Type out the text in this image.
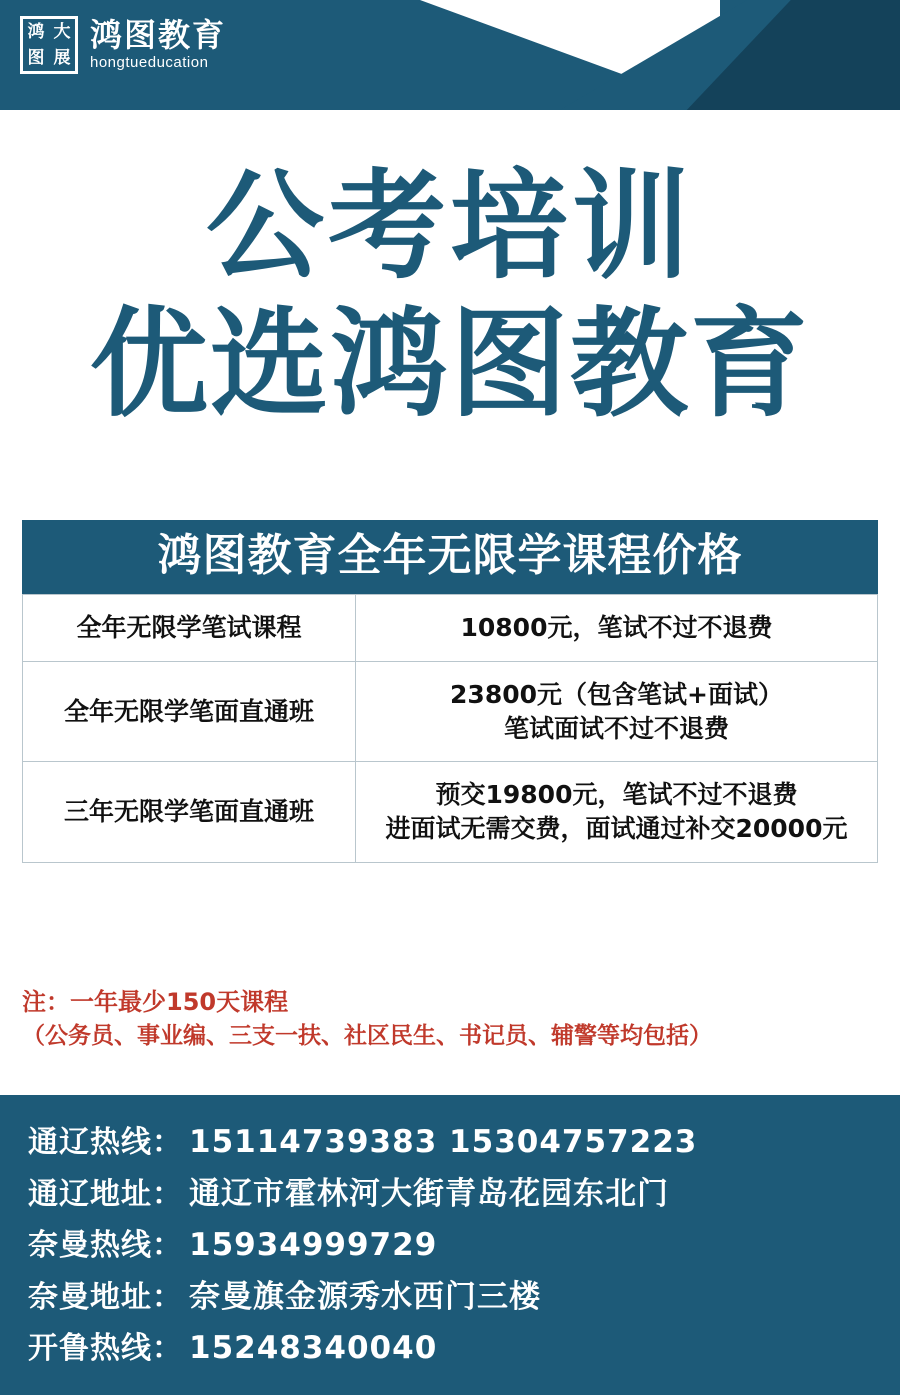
鸿 大
图 展
鸿图教育
hongtueducation
公考培训
优选鸿图教育
鸿图教育全年无限学课程价格
全年无限学笔试课程	10800元，笔试不过不退费

全年无限学笔面直通班	23800元（包含笔试+面试）
笔试面试不过不退费

三年无限学笔面直通班	预交19800元，笔试不过不退费
进面试无需交费，面试通过补交20000元
注：一年最少150天课程
（公务员、事业编、三支一扶、社区民生、书记员、辅警等均包括）
通辽热线： 15114739383 15304757223
通辽地址： 通辽市霍林河大街青岛花园东北门
奈曼热线： 15934999729
奈曼地址： 奈曼旗金源秀水西门三楼
开鲁热线： 15248340040
